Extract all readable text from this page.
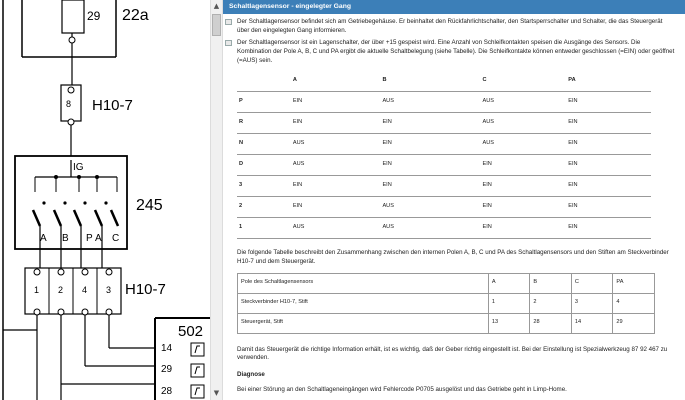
29 22a
8 H10-7
IG
A B P A C
245
1 2 4 3 H10-7
502
14
29
28
▲
▼
Schaltlagensensor - eingelegter Gang
Der Schaltlagensensor befindet sich am Getriebegehäuse. Er beinhaltet den Rückfahrlichtschalter, den Startsperrschalter und Schalter, die das Steuergerät über den eingelegten Gang informieren.
Der Schaltlagensensor ist ein Lagenschalter, der über +15 gespeist wird. Eine Anzahl von Schleifkontakten speisen die Ausgänge des Sensors. Die Kombination der Pole A, B, C und PA ergibt die aktuelle Schaltbelegung (siehe Tabelle). Die Schleifkontakte können entweder geschlossen (=EIN) oder geöffnet (=AUS) sein.
	A	B	C	PA
P	EIN	AUS	AUS	EIN
R	EIN	EIN	AUS	EIN
N	AUS	EIN	AUS	EIN
D	AUS	EIN	EIN	EIN
3	EIN	EIN	EIN	EIN
2	EIN	AUS	EIN	EIN
1	AUS	AUS	EIN	EIN
Die folgende Tabelle beschreibt den Zusammenhang zwischen den internen Polen A, B, C und PA des Schaltlagensensors und den Stiften am Steckverbinder H10-7 und dem Steuergerät.
Pole des Schaltlagensensors	A	B	C	PA
Steckverbinder H10-7, Stift	1	2	3	4
Steuergerät, Stift	13	28	14	29
Damit das Steuergerät die richtige Information erhält, ist es wichtig, daß der Geber richtig eingestellt ist. Bei der Einstellung ist Spezialwerkzeug 87 92 467 zu verwenden.
Diagnose
Bei einer Störung an den Schaltlageneingängen wird Fehlercode P0705 ausgelöst und das Getriebe geht in Limp-Home.
